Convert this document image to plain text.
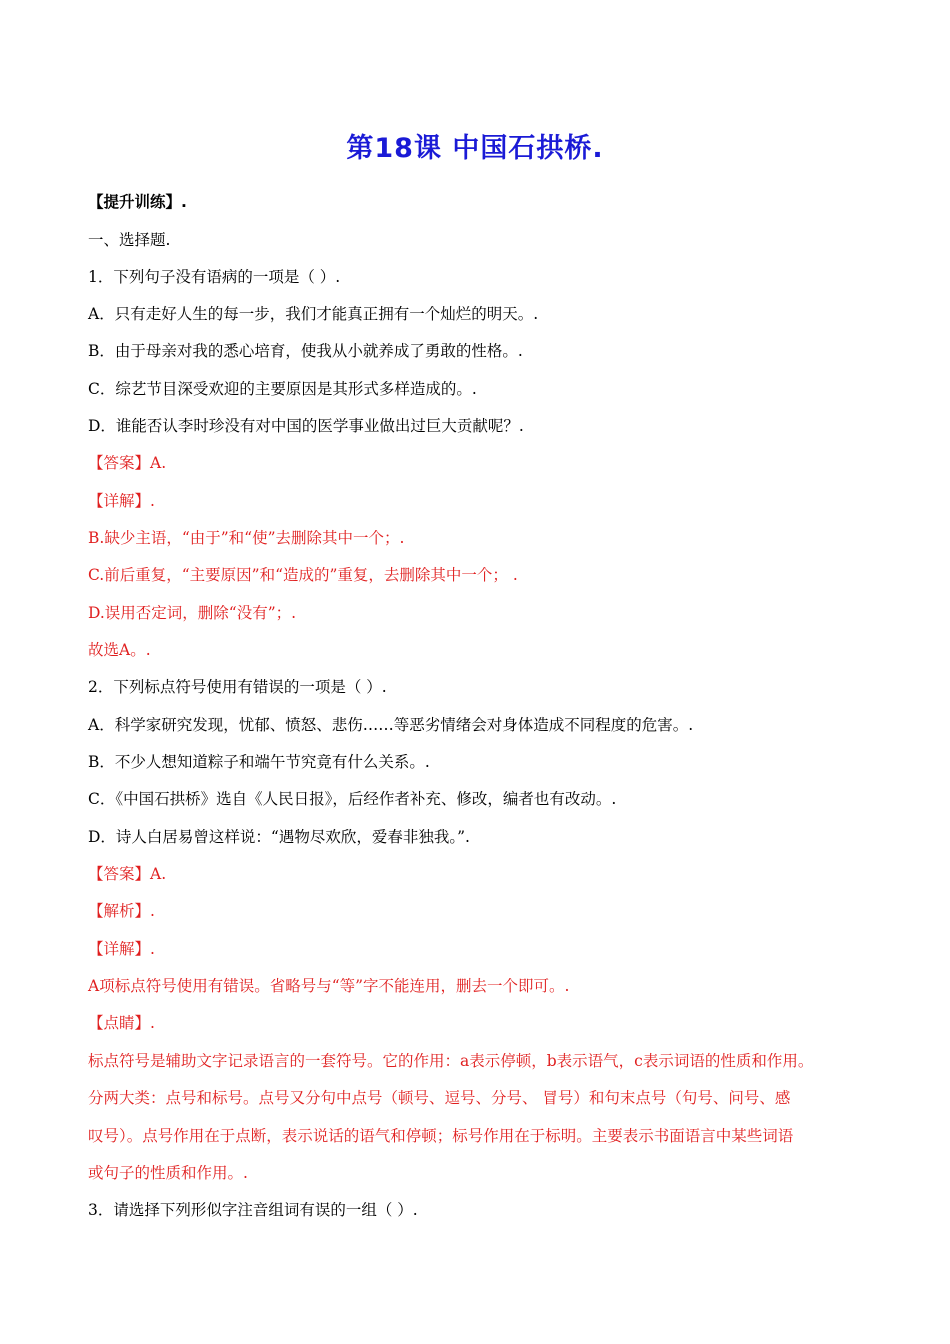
第18课 中国石拱桥.
【提升训练】.
一、选择题.
1．下列句子没有语病的一项是（ ）.
A．只有走好人生的每一步，我们才能真正拥有一个灿烂的明天。.
B．由于母亲对我的悉心培育，使我从小就养成了勇敢的性格。.
C．综艺节目深受欢迎的主要原因是其形式多样造成的。.
D．谁能否认李时珍没有对中国的医学事业做出过巨大贡献呢？.
【答案】A.
【详解】.
B.缺少主语，“由于”和“使”去删除其中一个；.
C.前后重复，“主要原因”和“造成的”重复，去删除其中一个； .
D.误用否定词，删除“没有”；.
故选A。.
2．下列标点符号使用有错误的一项是（ ）.
A．科学家研究发现，忧郁、愤怒、悲伤……等恶劣情绪会对身体造成不同程度的危害。.
B．不少人想知道粽子和端午节究竟有什么关系。.
C．《中国石拱桥》选自《人民日报》，后经作者补充、修改，编者也有改动。.
D．诗人白居易曾这样说：“遇物尽欢欣，爱春非独我。”.
【答案】A.
【解析】.
【详解】.
A项标点符号使用有错误。省略号与“等”字不能连用，删去一个即可。.
【点睛】.
标点符号是辅助文字记录语言的一套符号。它的作用：a表示停顿，b表示语气，c表示词语的性质和作用。
分两大类：点号和标号。点号又分句中点号（顿号、逗号、分号、 冒号）和句末点号（句号、问号、感
叹号）。点号作用在于点断，表示说话的语气和停顿；标号作用在于标明。主要表示书面语言中某些词语
或句子的性质和作用。.
3．请选择下列形似字注音组词有误的一组（ ）.
